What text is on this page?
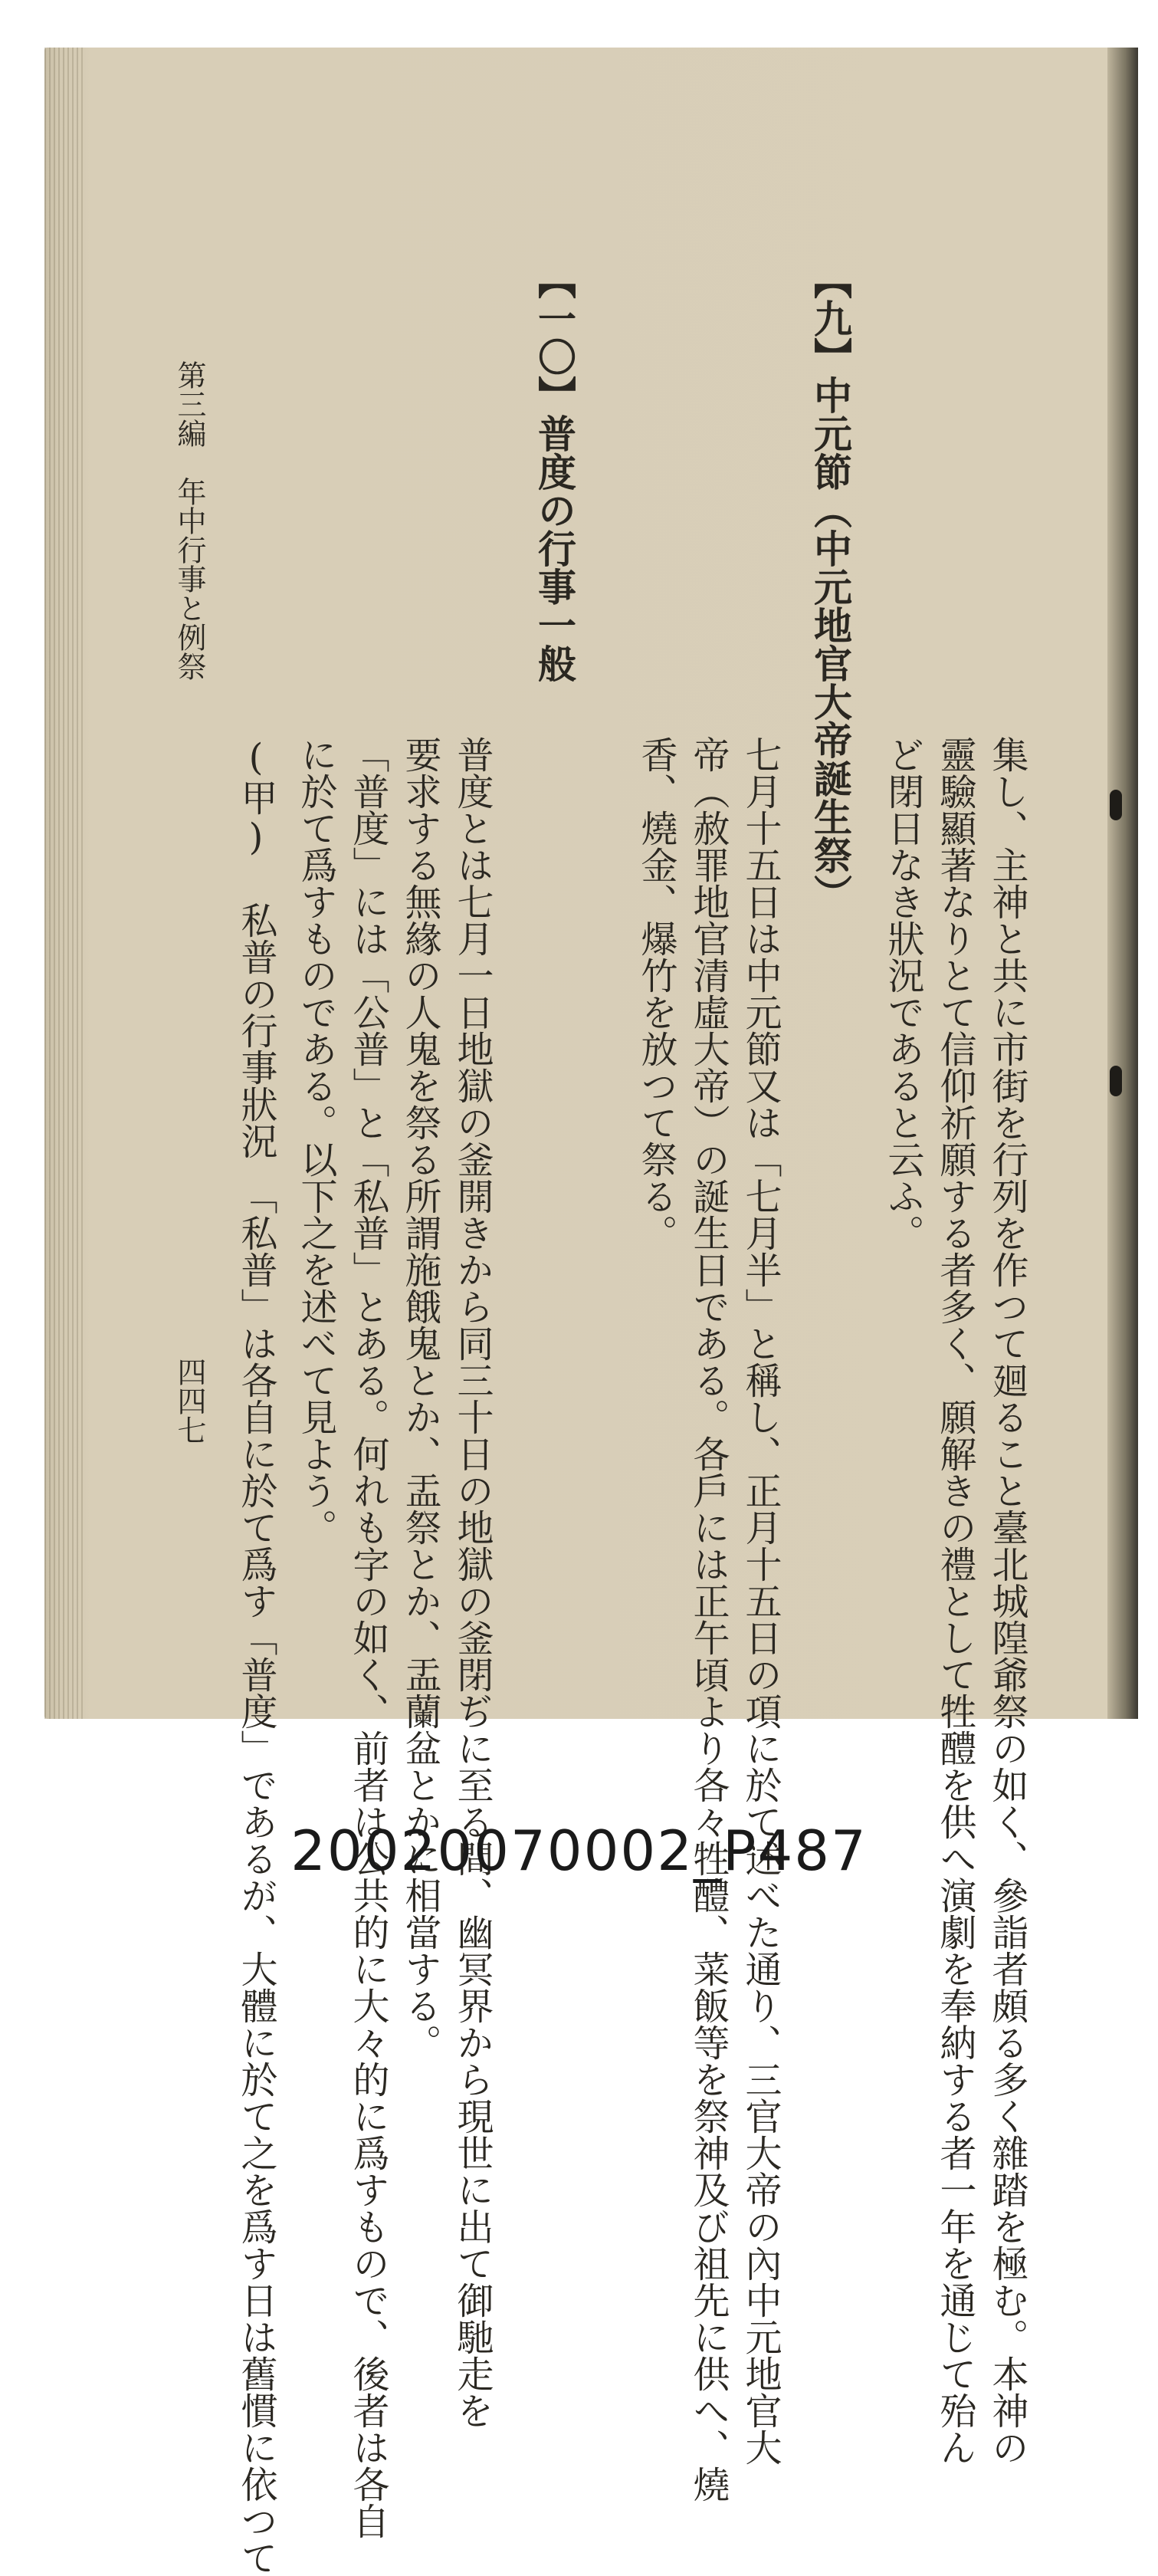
集し、主神と共に市街を行列を作つて廻ること臺北城隍爺祭の如く、參詣者頗る多く雜踏を極む。本神の
靈驗顯著なりとて信仰祈願する者多く、願解きの禮として牲醴を供へ演劇を奉納する者一年を通じて殆ん
ど閉日なき狀況であると云ふ。
【九】中元節（中元地官大帝誕生祭）
七月十五日は中元節又は「七月半」と稱し、正月十五日の項に於て述べた通り、三官大帝の內中元地官大
帝（赦罪地官清虛大帝）の誕生日である。各戶には正午頃より各々牲醴、菜飯等を祭神及び祖先に供へ、燒
香、燒金、爆竹を放つて祭る。
【一〇】普度の行事一般
普度とは七月一日地獄の釜開きから同三十日の地獄の釜閉ぢに至る間、幽冥界から現世に出て御馳走を
要求する無緣の人鬼を祭る所謂施餓鬼とか、盂祭とか、盂蘭盆とかに相當する。
「普度」には「公普」と「私普」とある。何れも字の如く、前者は公共的に大々的に爲すもので、後者は各自
に於て爲すものである。以下之を述べて見よう。
(甲) 私普の行事狀況　「私普」は各自に於て爲す「普度」であるが、大體に於て之を爲す日は舊慣に依つて
第三編　年中行事と例祭
四四七
20020070002_P487
